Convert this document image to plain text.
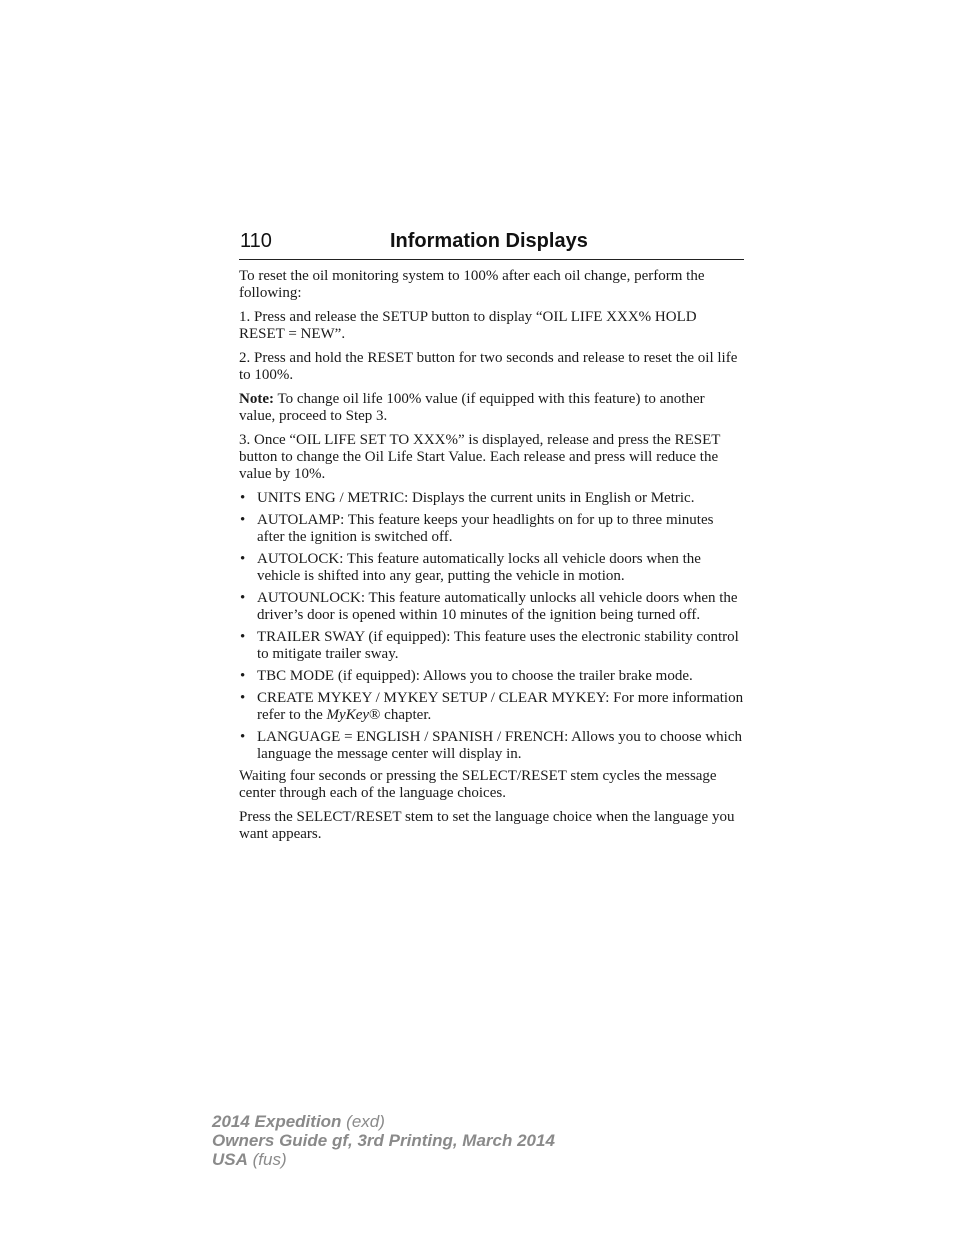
110	Information Displays

To reset the oil monitoring system to 100% after each oil change, perform the following:

1. Press and release the SETUP button to display “OIL LIFE XXX% HOLD RESET = NEW”.

2. Press and hold the RESET button for two seconds and release to reset the oil life to 100%.

Note: To change oil life 100% value (if equipped with this feature) to another value, proceed to Step 3.

3. Once “OIL LIFE SET TO XXX%” is displayed, release and press the RESET button to change the Oil Life Start Value. Each release and press will reduce the value by 10%.

• UNITS ENG / METRIC: Displays the current units in English or Metric.
• AUTOLAMP: This feature keeps your headlights on for up to three minutes after the ignition is switched off.
• AUTOLOCK: This feature automatically locks all vehicle doors when the vehicle is shifted into any gear, putting the vehicle in motion.
• AUTOUNLOCK: This feature automatically unlocks all vehicle doors when the driver’s door is opened within 10 minutes of the ignition being turned off.
• TRAILER SWAY (if equipped): This feature uses the electronic stability control to mitigate trailer sway.
• TBC MODE (if equipped): Allows you to choose the trailer brake mode.
• CREATE MYKEY / MYKEY SETUP / CLEAR MYKEY: For more information refer to the MyKey® chapter.
• LANGUAGE = ENGLISH / SPANISH / FRENCH: Allows you to choose which language the message center will display in.

Waiting four seconds or pressing the SELECT/RESET stem cycles the message center through each of the language choices.

Press the SELECT/RESET stem to set the language choice when the language you want appears.

2014 Expedition (exd)
Owners Guide gf, 3rd Printing, March 2014
USA (fus)
